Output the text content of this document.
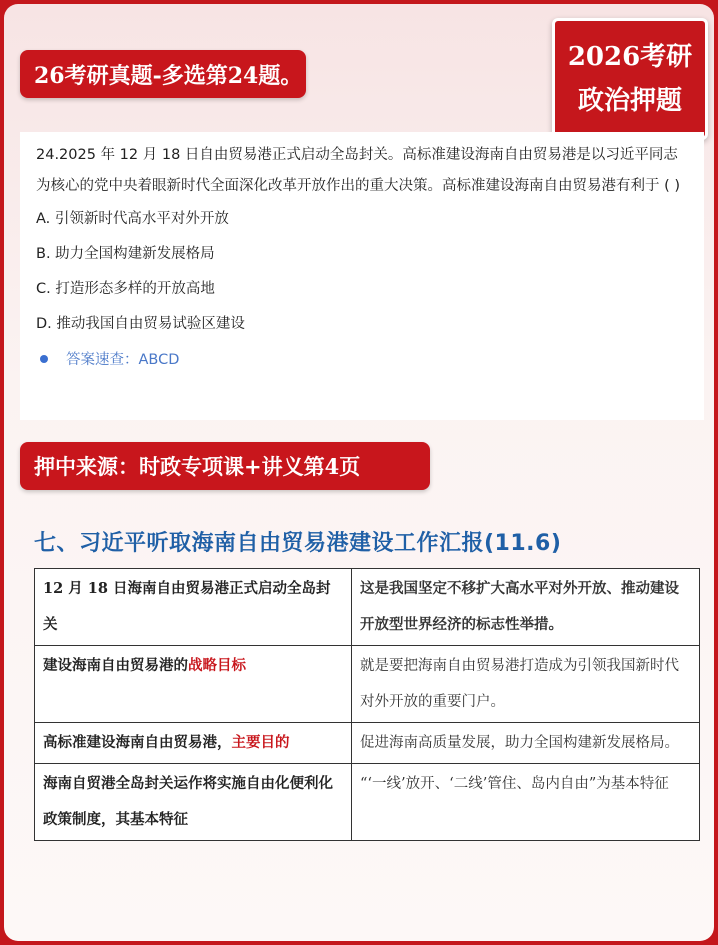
26考研真题-多选第24题。
2026考研
政治押题

24.2025 年 12 月 18 日自由贸易港正式启动全岛封关。高标准建设海南自由贸易港是以习近平同志为核心的党中央着眼新时代全面深化改革开放作出的重大决策。高标准建设海南自由贸易港有利于 ( )

A. 引领新时代高水平对外开放
B. 助力全国构建新发展格局
C. 打造形态多样的开放高地
D. 推动我国自由贸易试验区建设
答案速查：ABCD
押中来源：时政专项课+讲义第4页
七、习近平听取海南自由贸易港建设工作汇报(11.6)
12 月 18 日海南自由贸易港正式启动全岛封关	这是我国坚定不移扩大高水平对外开放、推动建设开放型世界经济的标志性举措。
建设海南自由贸易港的战略目标	就是要把海南自由贸易港打造成为引领我国新时代对外开放的重要门户。
高标准建设海南自由贸易港，主要目的	促进海南高质量发展，助力全国构建新发展格局。
海南自贸港全岛封关运作将实施自由化便利化政策制度，其基本特征	“‘一线’放开、‘二线’管住、岛内自由”为基本特征
